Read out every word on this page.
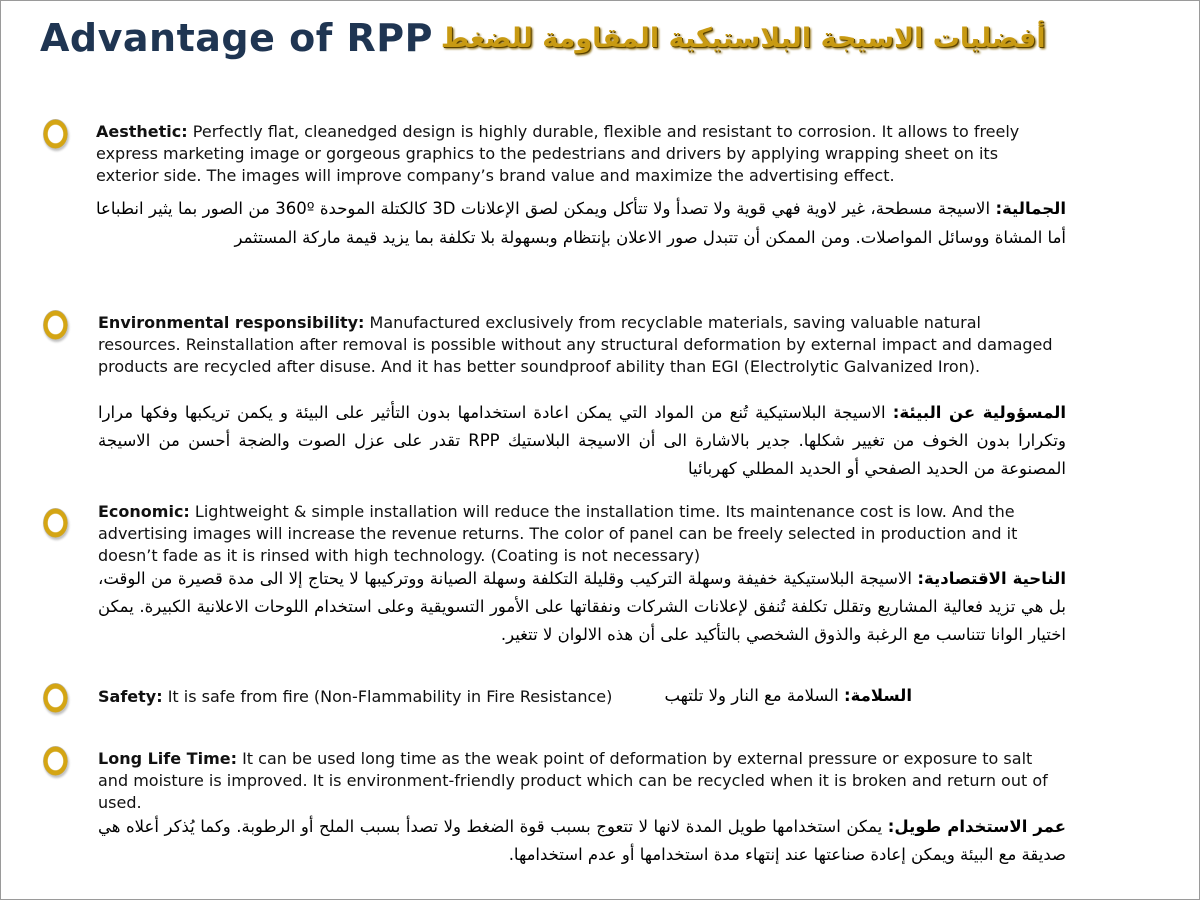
Advantage of RPP أفضليات الاسيجة البلاستيكية المقاومة للضغط
Aesthetic: Perfectly flat, cleanedged design is highly durable, flexible and resistant to corrosion. It allows to freely express marketing image or gorgeous graphics to the pedestrians and drivers by applying wrapping sheet on its exterior side. The images will improve company’s brand value and maximize the advertising effect.
الجمالية: الاسيجة مسطحة، غير لاوية فهي قوية ولا تصدأ ولا تتأكل ويمكن لصق الإعلانات 3D كالكتلة الموحدة 360º من الصور بما يثير انطباعا أما المشاة ووسائل المواصلات. ومن الممكن أن تتبدل صور الاعلان بإنتظام وبسهولة بلا تكلفة بما يزيد قيمة ماركة المستثمر
Environmental responsibility: Manufactured exclusively from recyclable materials, saving valuable natural resources. Reinstallation after removal is possible without any structural deformation by external impact and damaged products are recycled after disuse. And it has better soundproof ability than EGI (Electrolytic Galvanized Iron).
المسؤولية عن البيئة: الاسيجة البلاستيكية تُنع من المواد التي يمكن اعادة استخدامها بدون التأثير على البيئة و يكمن تريكبها وفكها مرارا وتكرارا بدون الخوف من تغيير شكلها. جدير بالاشارة الى أن الاسيجة البلاستيك RPP تقدر على عزل الصوت والضجة أحسن من الاسيجة المصنوعة من الحديد الصفحي أو الحديد المطلي كهربائيا
Economic: Lightweight & simple installation will reduce the installation time. Its maintenance cost is low. And the advertising images will increase the revenue returns. The color of panel can be freely selected in production and it doesn’t fade as it is rinsed with high technology. (Coating is not necessary)
الناحية الاقتصادية: الاسيجة البلاستيكية خفيفة وسهلة التركيب وقليلة التكلفة وسهلة الصيانة ووتركيبها لا يحتاج إلا الى مدة قصيرة من الوقت، بل هي تزيد فعالية المشاريع وتقلل تكلفة تُنفق لإعلانات الشركات ونفقاتها على الأمور التسويقية وعلى استخدام اللوحات الاعلانية الكبيرة. يمكن اختيار الوانا تتناسب مع الرغبة والذوق الشخصي بالتأكيد على أن هذه الالوان لا تتغير.
Safety: It is safe from fire (Non-Flammability in Fire Resistance)	السلامة: السلامة مع النار ولا تلتهب
Long Life Time: It can be used long time as the weak point of deformation by external pressure or exposure to salt and moisture is improved. It is environment-friendly product which can be recycled when it is broken and return out of used.
عمر الاستخدام طويل: يمكن استخدامها طويل المدة لانها لا تتعوج بسبب قوة الضغط ولا تصدأ بسبب الملح أو الرطوبة. وكما يُذكر أعلاه هي صديقة مع البيئة ويمكن إعادة صناعتها عند إنتهاء مدة استخدامها أو عدم استخدامها.
